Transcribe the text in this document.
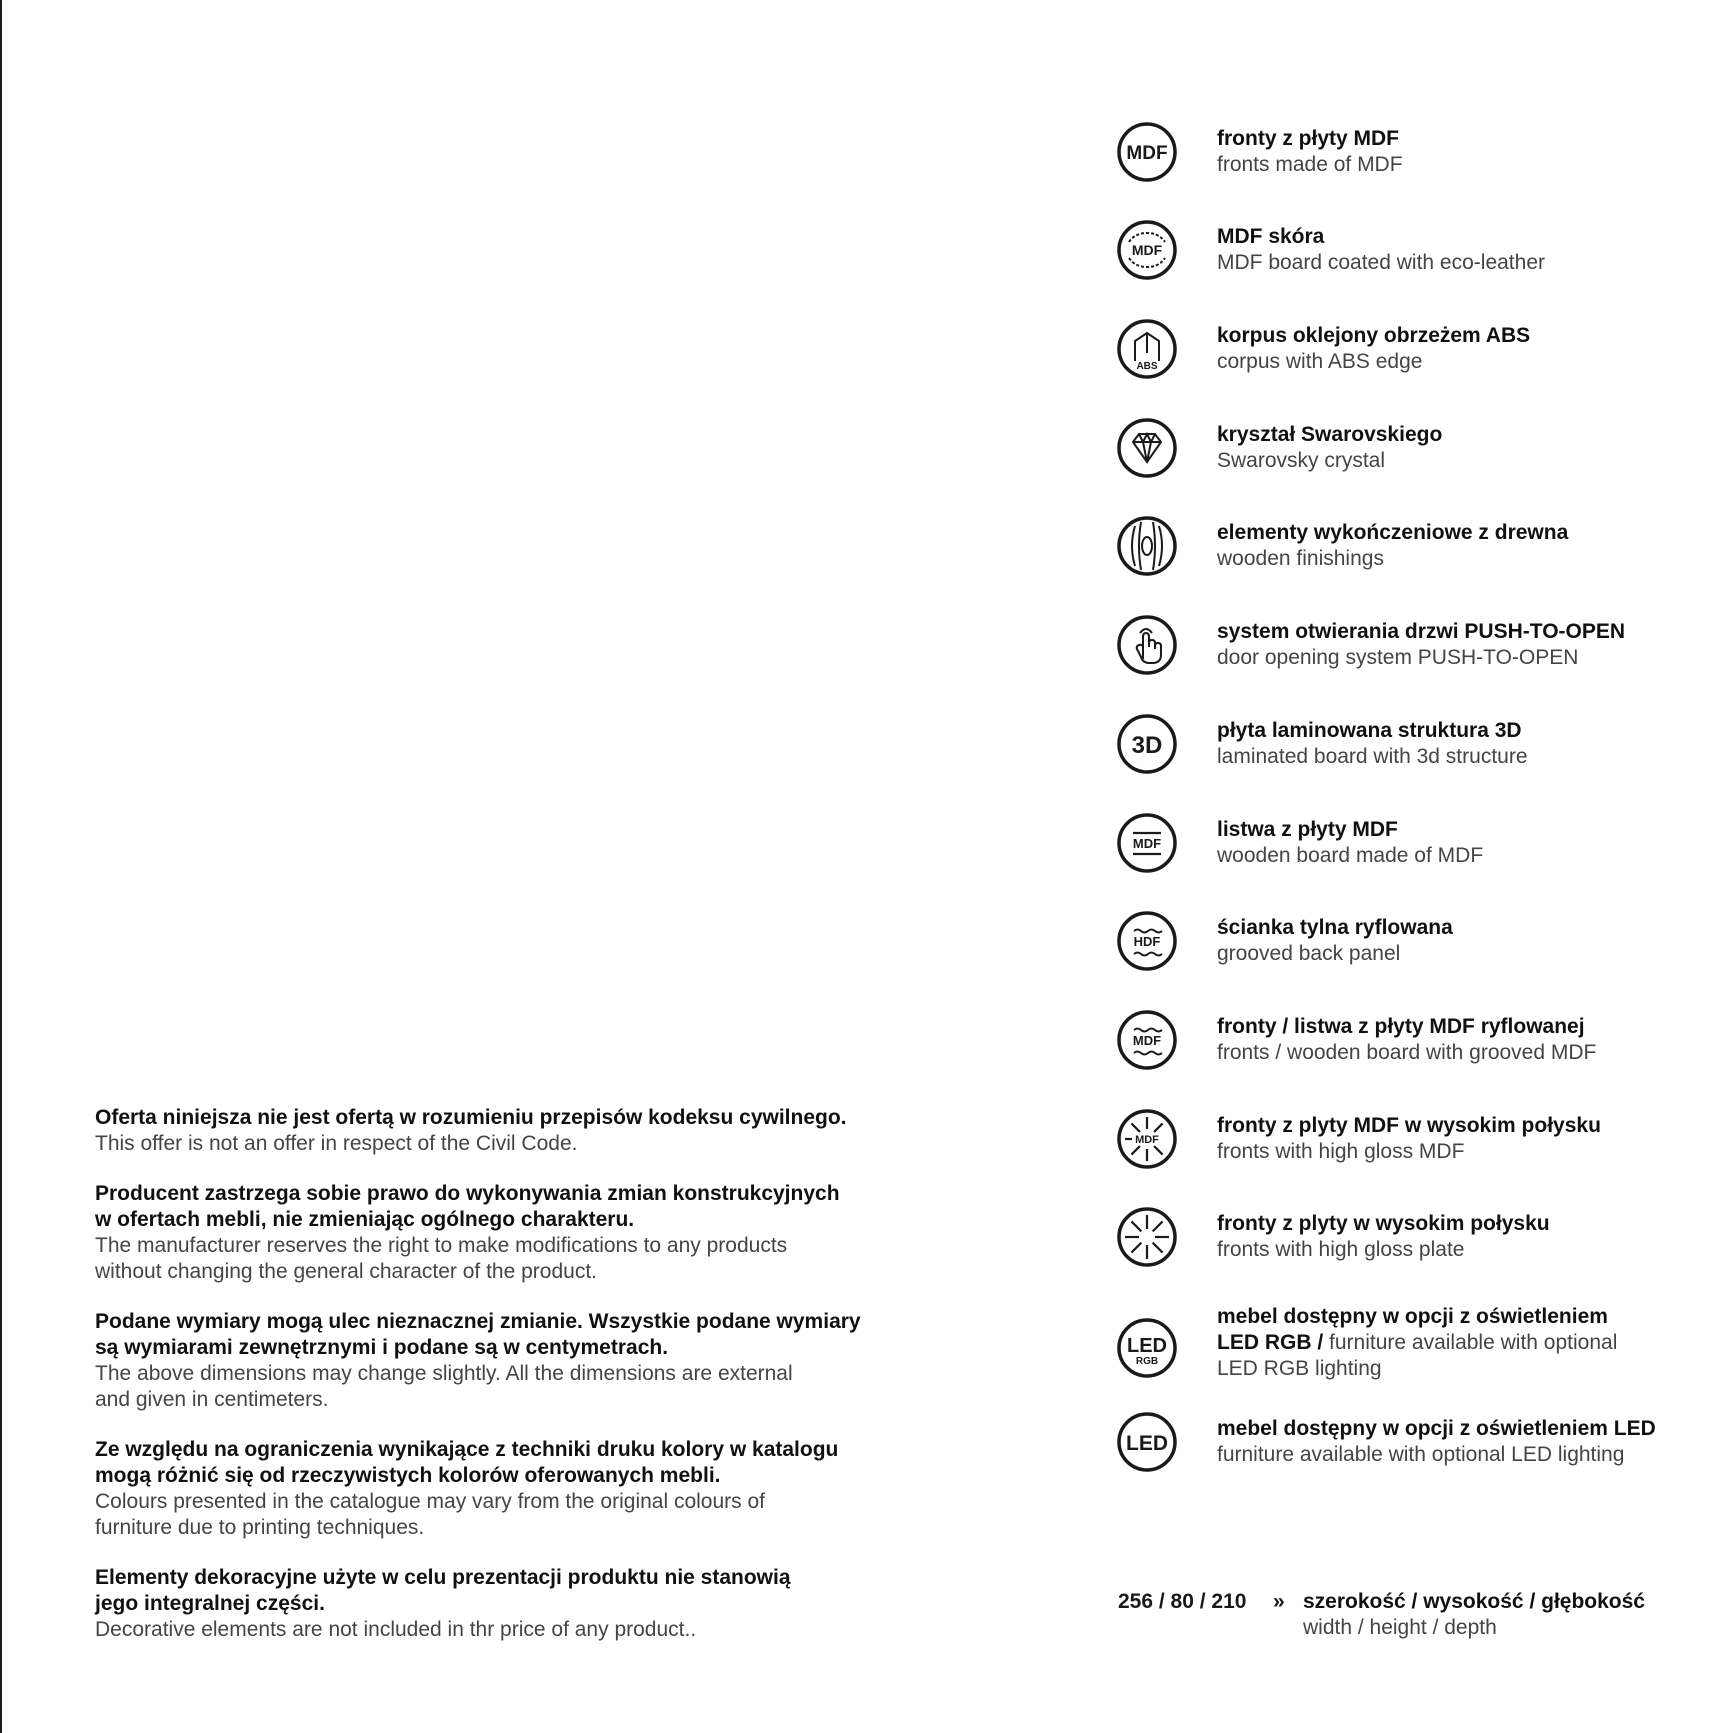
MDF
fronty z płyty MDF
fronts made of MDF
MDF
MDF skóra
MDF board coated with eco-leather
ABS
korpus oklejony obrzeżem ABS
corpus with ABS edge
kryształ Swarovskiego
Swarovsky crystal
elementy wykończeniowe z drewna
wooden finishings
system otwierania drzwi PUSH-TO-OPEN
door opening system PUSH-TO-OPEN
3D
płyta laminowana struktura 3D
laminated board with 3d structure
MDF
listwa z płyty MDF
wooden board made of MDF
HDF
ścianka tylna ryflowana
grooved back panel
MDF
fronty / listwa z płyty MDF ryflowanej
fronts / wooden board with grooved MDF
MDF
fronty z plyty MDF w wysokim połysku
fronts with high gloss MDF
fronty z plyty w wysokim połysku
fronts with high gloss plate
LED
RGB
mebel dostępny w opcji z oświetleniem
LED RGB / furniture available with optional
LED RGB lighting
LED
mebel dostępny w opcji z oświetleniem LED
furniture available with optional LED lighting

Oferta niniejsza nie jest ofertą w rozumieniu przepisów kodeksu cywilnego.

This offer is not an offer in respect of the Civil Code.

Producent zastrzega sobie prawo do wykonywania zmian konstrukcyjnych

w ofertach mebli, nie zmieniając ogólnego charakteru.

The manufacturer reserves the right to make modifications to any products

without changing the general character of the product.

Podane wymiary mogą ulec nieznacznej zmianie. Wszystkie podane wymiary

są wymiarami zewnętrznymi i podane są w centymetrach.

The above dimensions may change slightly. All the dimensions are external

and given in centimeters.

Ze względu na ograniczenia wynikające z techniki druku kolory w katalogu

mogą różnić się od rzeczywistych kolorów oferowanych mebli.

Colours presented in the catalogue may vary from the original colours of

furniture due to printing techniques.

Elementy dekoracyjne użyte w celu prezentacji produktu nie stanowią

jego integralnej części.

Decorative elements are not included in thr price of any product..

256 / 80 / 210 » szerokość / wysokość / głębokość
width / height / depth
